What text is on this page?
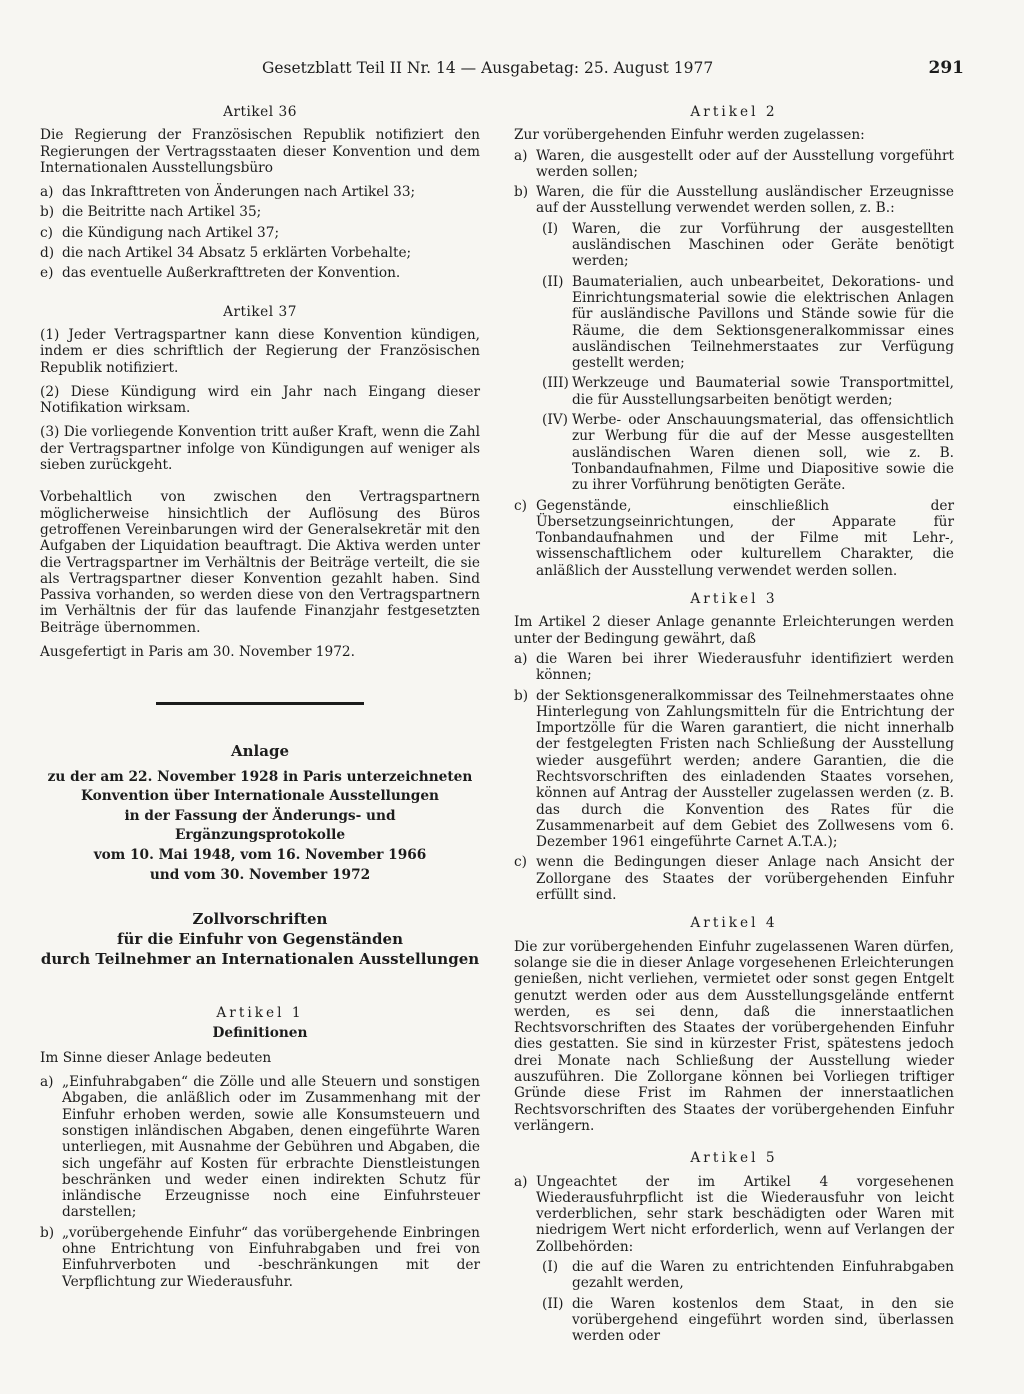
Gesetzblatt Teil II Nr. 14 — Ausgabetag: 25. August 1977	291
Artikel 36

Die Regierung der Französischen Republik notifiziert den Regierungen der Vertragsstaaten dieser Konvention und dem Internationalen Ausstellungsbüro

a) das Inkrafttreten von Änderungen nach Artikel 33;
b) die Beitritte nach Artikel 35;
c) die Kündigung nach Artikel 37;
d) die nach Artikel 34 Absatz 5 erklärten Vorbehalte;
e) das eventuelle Außerkrafttreten der Konvention.
Artikel 37

(1) Jeder Vertragspartner kann diese Konvention kündigen, indem er dies schriftlich der Regierung der Französischen Republik notifiziert.

(2) Diese Kündigung wird ein Jahr nach Eingang dieser Notifikation wirksam.

(3) Die vorliegende Konvention tritt außer Kraft, wenn die Zahl der Vertragspartner infolge von Kündigungen auf weniger als sieben zurückgeht.

Vorbehaltlich von zwischen den Vertragspartnern möglicherweise hinsichtlich der Auflösung des Büros getroffenen Vereinbarungen wird der Generalsekretär mit den Aufgaben der Liquidation beauftragt. Die Aktiva werden unter die Vertragspartner im Verhältnis der Beiträge verteilt, die sie als Vertragspartner dieser Konvention gezahlt haben. Sind Passiva vorhanden, so werden diese von den Vertragspartnern im Verhältnis der für das laufende Finanzjahr festgesetzten Beiträge übernommen.

Ausgefertigt in Paris am 30. November 1972.

Anlage
zu der am 22. November 1928 in Paris unterzeichneten
Konvention über Internationale Ausstellungen
in der Fassung der Änderungs- und Ergänzungsprotokolle
vom 10. Mai 1948, vom 16. November 1966
und vom 30. November 1972
Zollvorschriften
für die Einfuhr von Gegenständen
durch Teilnehmer an Internationalen Ausstellungen
Artikel 1
Definitionen

Im Sinne dieser Anlage bedeuten

a) „Einfuhrabgaben“ die Zölle und alle Steuern und sonstigen Abgaben, die anläßlich oder im Zusammenhang mit der Einfuhr erhoben werden, sowie alle Konsumsteuern und sonstigen inländischen Abgaben, denen eingeführte Waren unterliegen, mit Ausnahme der Gebühren und Abgaben, die sich ungefähr auf Kosten für erbrachte Dienstleistungen beschränken und weder einen indirekten Schutz für inländische Erzeugnisse noch eine Einfuhrsteuer darstellen;
b) „vorübergehende Einfuhr“ das vorübergehende Einbringen ohne Entrichtung von Einfuhrabgaben und frei von Einfuhrverboten und -beschränkungen mit der Verpflichtung zur Wiederausfuhr.
Artikel 2

Zur vorübergehenden Einfuhr werden zugelassen:

a) Waren, die ausgestellt oder auf der Ausstellung vorgeführt werden sollen;
b) Waren, die für die Ausstellung ausländischer Erzeugnisse auf der Ausstellung verwendet werden sollen, z. B.:
(I)	Waren, die zur Vorführung der ausgestellten ausländischen Maschinen oder Geräte benötigt werden;
(II) Baumaterialien, auch unbearbeitet, Dekorations- und Einrichtungsmaterial sowie die elektrischen Anlagen für ausländische Pavillons und Stände sowie für die Räume, die dem Sektionsgeneralkommissar eines ausländischen Teilnehmerstaates zur Verfügung gestellt werden;
(III) Werkzeuge und Baumaterial sowie Transportmittel, die für Ausstellungsarbeiten benötigt werden;
(IV) Werbe- oder Anschauungsmaterial, das offensichtlich zur Werbung für die auf der Messe ausgestellten ausländischen Waren dienen soll, wie z. B. Tonbandaufnahmen, Filme und Diapositive sowie die zu ihrer Vorführung benötigten Geräte.
c) Gegenstände, einschließlich der Übersetzungseinrichtungen, der Apparate für Tonbandaufnahmen und der Filme mit Lehr-, wissenschaftlichem oder kulturellem Charakter, die anläßlich der Ausstellung verwendet werden sollen.
Artikel 3

Im Artikel 2 dieser Anlage genannte Erleichterungen werden unter der Bedingung gewährt, daß

a) die Waren bei ihrer Wiederausfuhr identifiziert werden können;
b) der Sektionsgeneralkommissar des Teilnehmerstaates ohne Hinterlegung von Zahlungsmitteln für die Entrichtung der Importzölle für die Waren garantiert, die nicht innerhalb der festgelegten Fristen nach Schließung der Ausstellung wieder ausgeführt werden; andere Garantien, die die Rechtsvorschriften des einladenden Staates vorsehen, können auf Antrag der Aussteller zugelassen werden (z. B. das durch die Konvention des Rates für die Zusammenarbeit auf dem Gebiet des Zollwesens vom 6. Dezember 1961 eingeführte Carnet A.T.A.);
c) wenn die Bedingungen dieser Anlage nach Ansicht der Zollorgane des Staates der vorübergehenden Einfuhr erfüllt sind.
Artikel 4

Die zur vorübergehenden Einfuhr zugelassenen Waren dürfen, solange sie die in dieser Anlage vorgesehenen Erleichterungen genießen, nicht verliehen, vermietet oder sonst gegen Entgelt genutzt werden oder aus dem Ausstellungsgelände entfernt werden, es sei denn, daß die innerstaatlichen Rechtsvorschriften des Staates der vorübergehenden Einfuhr dies gestatten. Sie sind in kürzester Frist, spätestens jedoch drei Monate nach Schließung der Ausstellung wieder auszuführen. Die Zollorgane können bei Vorliegen triftiger Gründe diese Frist im Rahmen der innerstaatlichen Rechtsvorschriften des Staates der vorübergehenden Einfuhr verlängern.

Artikel 5
a) Ungeachtet der im Artikel 4 vorgesehenen Wiederausfuhrpflicht ist die Wiederausfuhr von leicht verderblichen, sehr stark beschädigten oder Waren mit niedrigem Wert nicht erforderlich, wenn auf Verlangen der Zollbehörden:
(I)	die auf die Waren zu entrichtenden Einfuhrabgaben gezahlt werden,
(II) die Waren kostenlos dem Staat, in den sie vorübergehend eingeführt worden sind, überlassen werden oder
